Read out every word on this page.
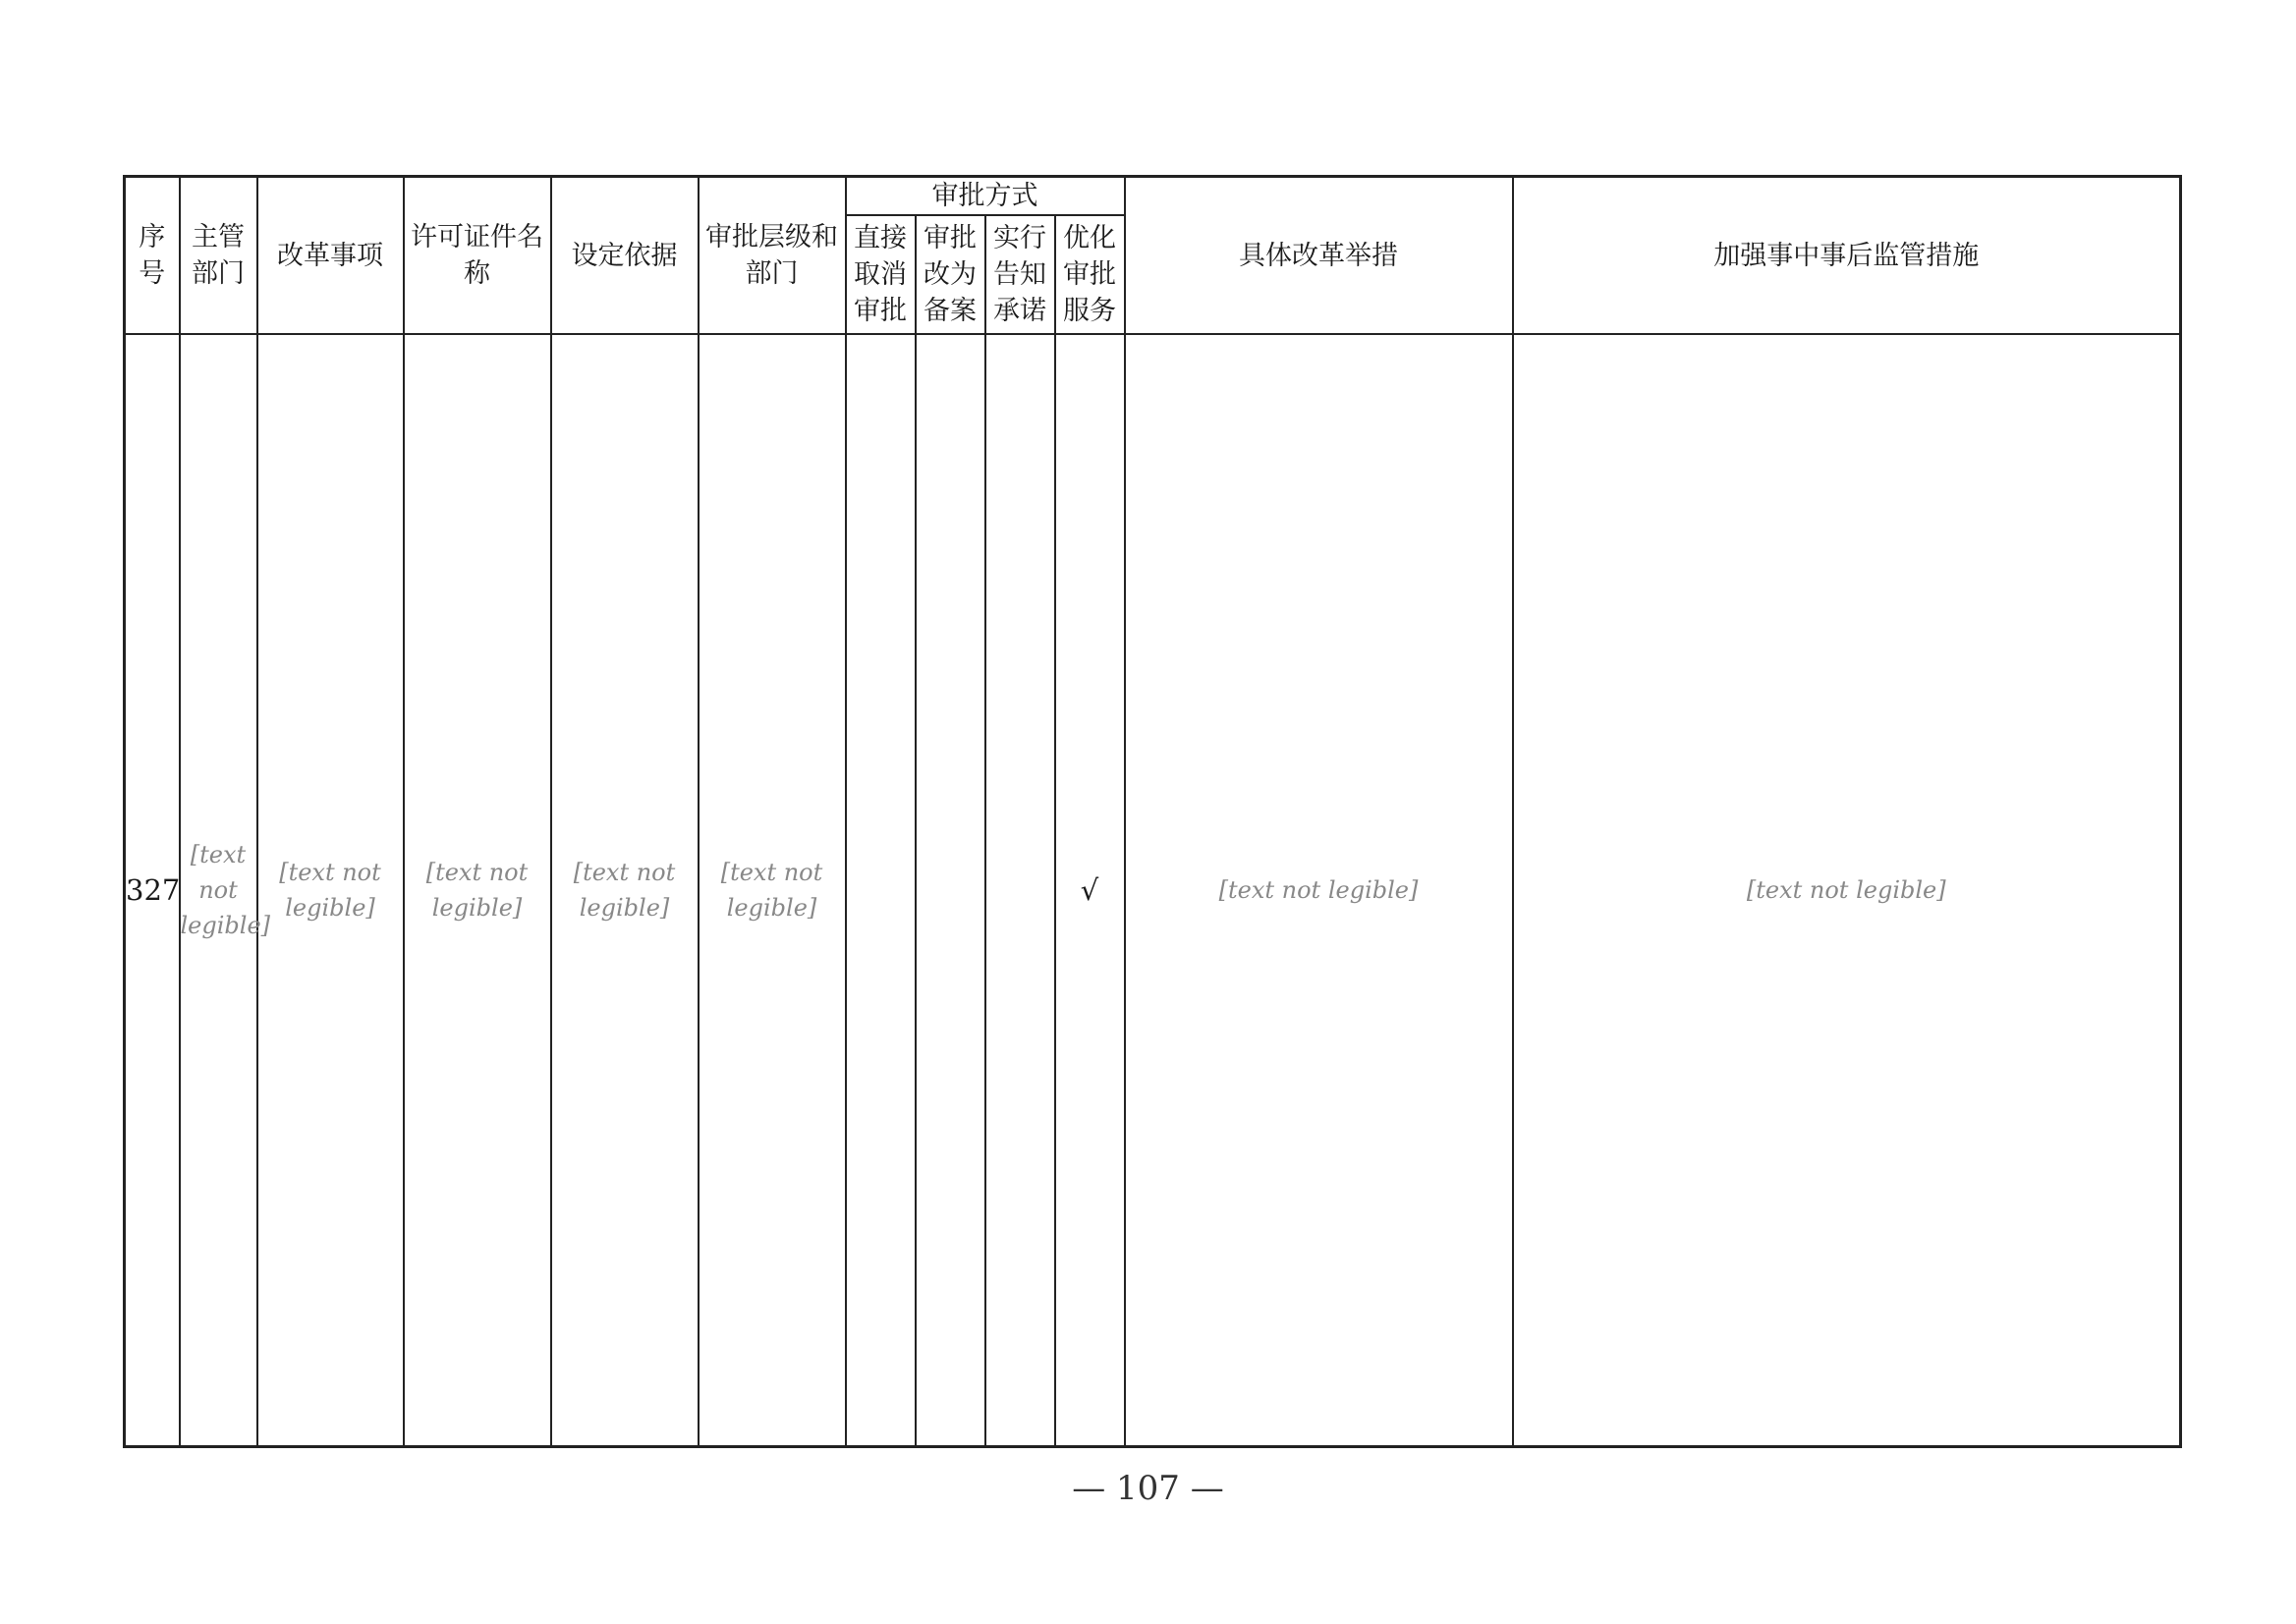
序号	主管部门	改革事项	许可证件名称	设定依据	审批层级和部门	审批方式				具体改革举措	加强事中事后监管措施
						直接取消审批	审批改为备案	实行告知承诺	优化审批服务		
327	[text not legible]	[text not legible]	[text not legible]	[text not legible]	[text not legible]				√	[text not legible]	[text not legible]
— 107 —
